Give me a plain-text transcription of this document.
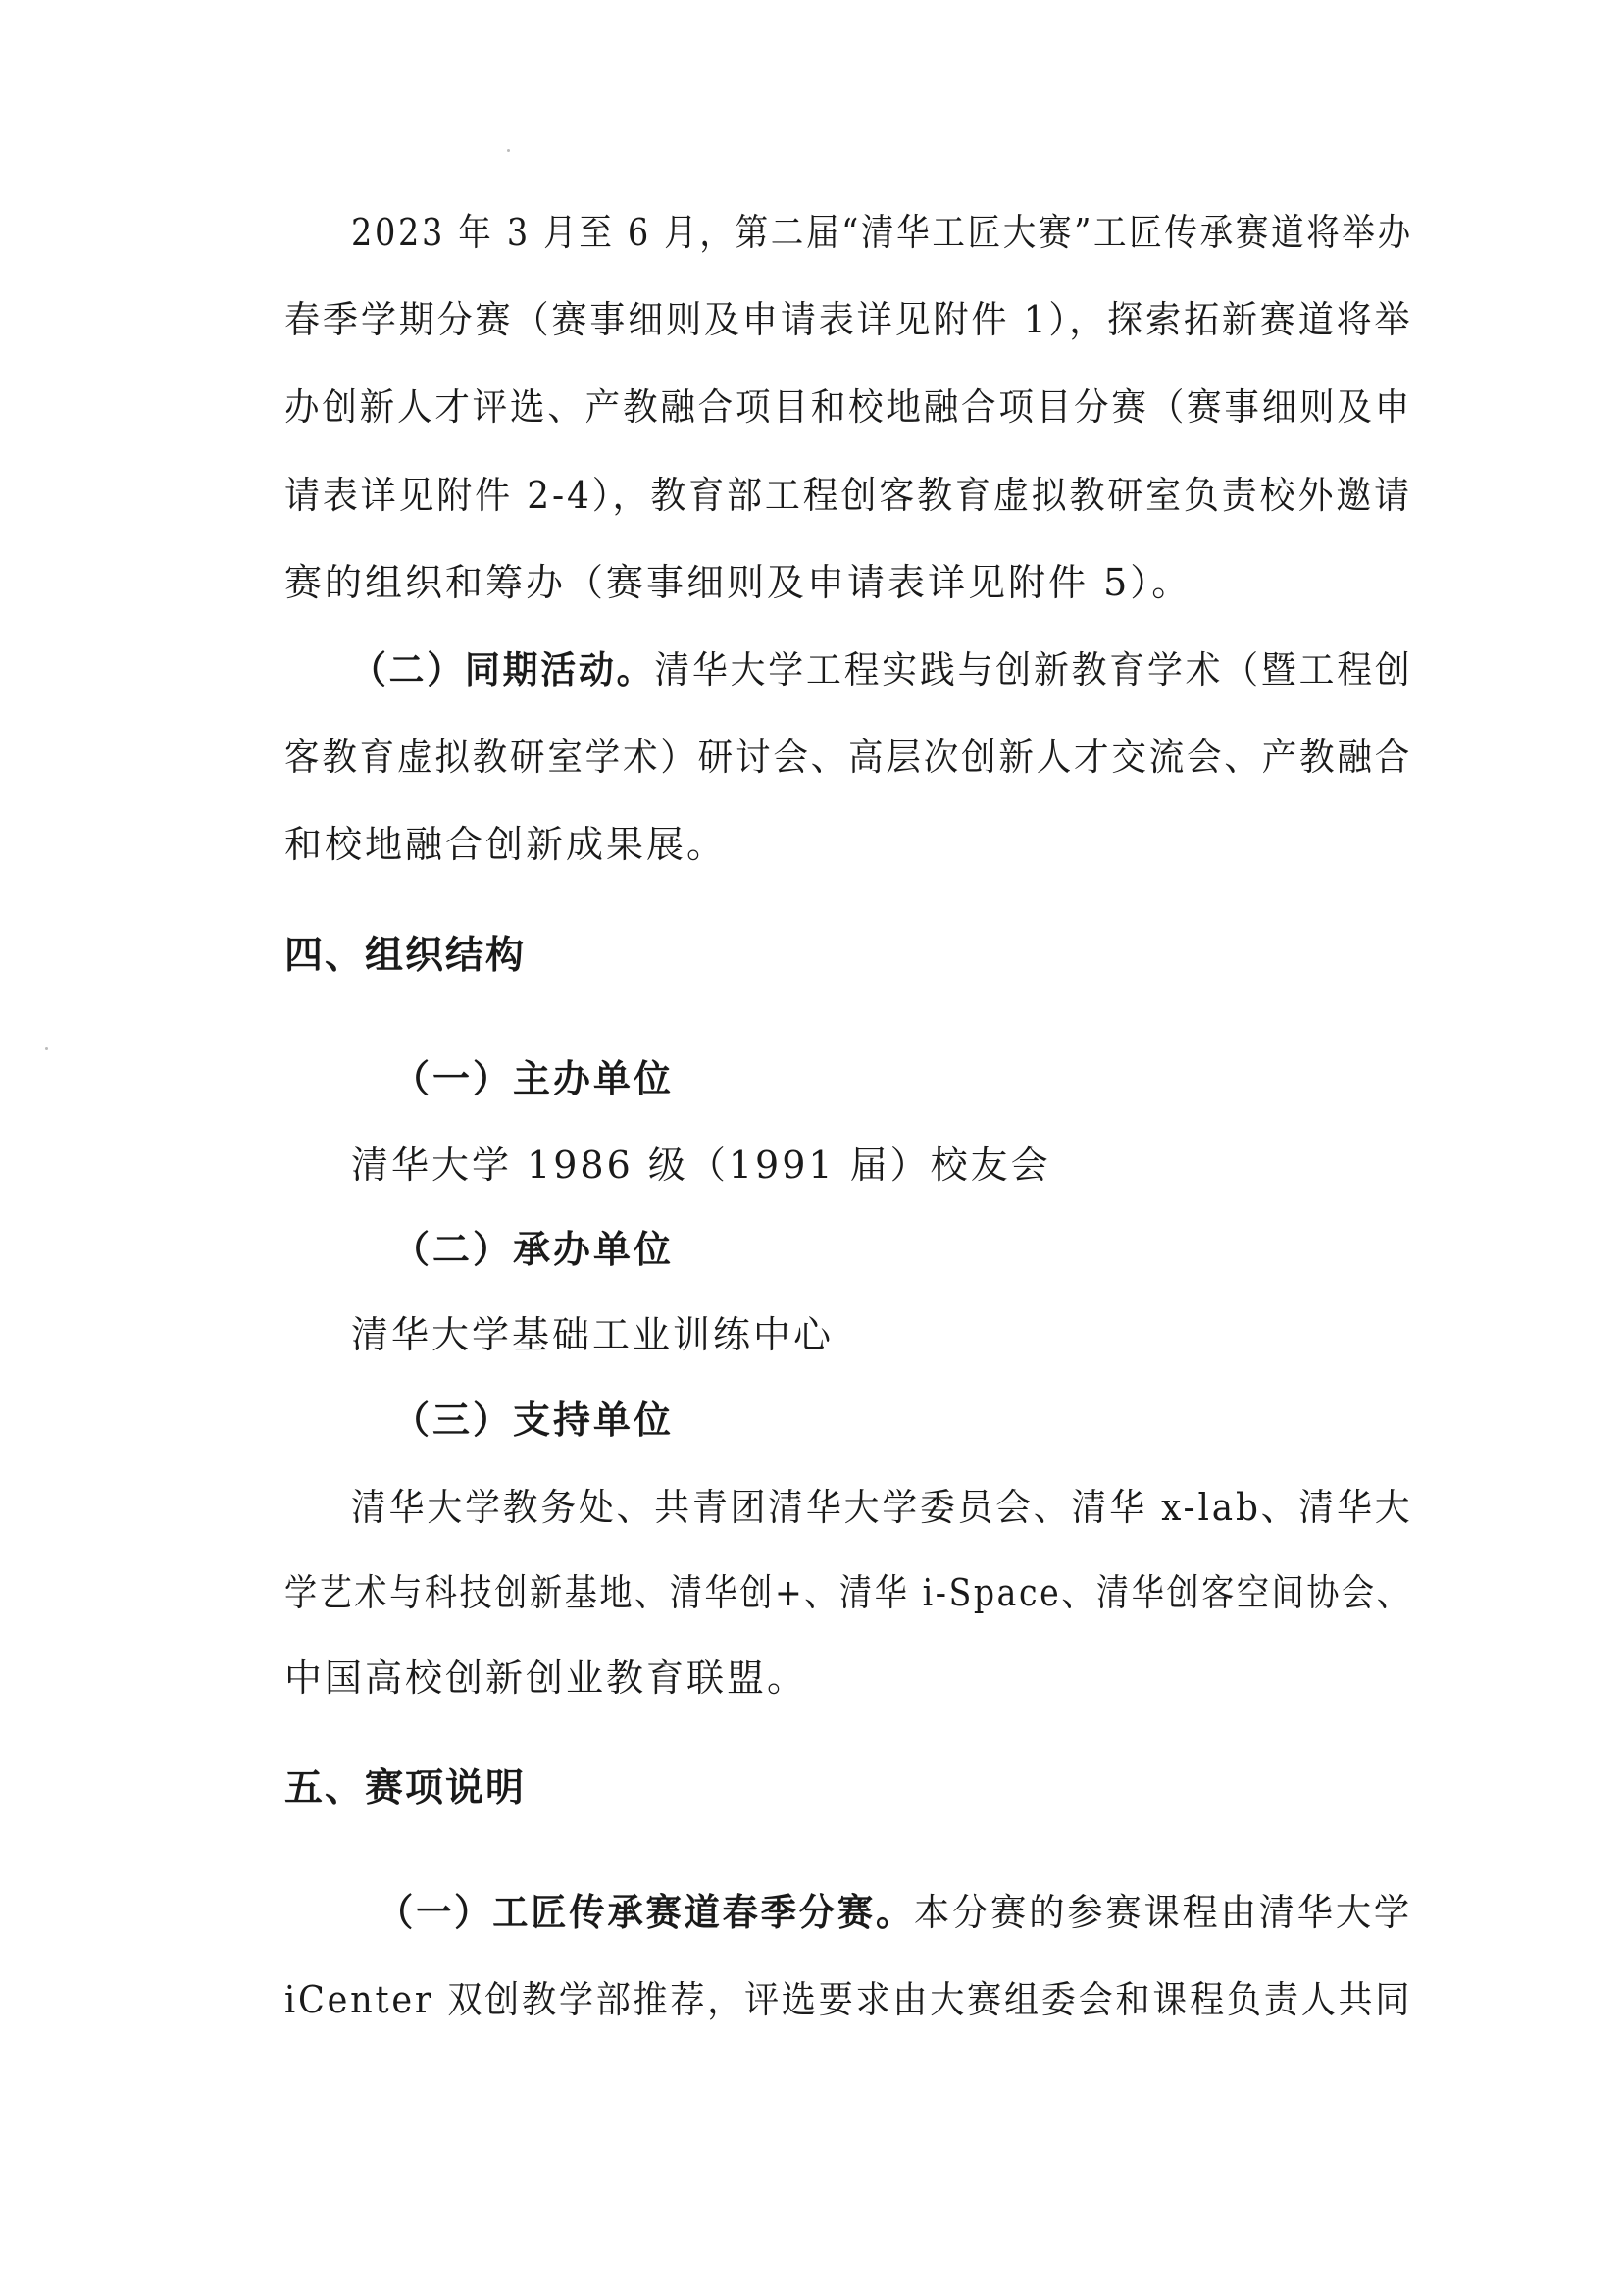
2023 年 3 月至 6 月，第二届“清华工匠大赛”工匠传承赛道将举办
春季学期分赛（赛事细则及申请表详见附件 1），探索拓新赛道将举
办创新人才评选、产教融合项目和校地融合项目分赛（赛事细则及申
请表详见附件 2-4），教育部工程创客教育虚拟教研室负责校外邀请
赛的组织和筹办（赛事细则及申请表详见附件 5）。
（二）同期活动。清华大学工程实践与创新教育学术（暨工程创
客教育虚拟教研室学术）研讨会、高层次创新人才交流会、产教融合
和校地融合创新成果展。
四、组织结构
（一）主办单位
清华大学 1986 级（1991 届）校友会
（二）承办单位
清华大学基础工业训练中心
（三）支持单位
清华大学教务处、共青团清华大学委员会、清华 x-lab、清华大
学艺术与科技创新基地、清华创+、清华 i-Space、清华创客空间协会、
中国高校创新创业教育联盟。
五、赛项说明
（一）工匠传承赛道春季分赛。本分赛的参赛课程由清华大学
iCenter 双创教学部推荐，评选要求由大赛组委会和课程负责人共同
